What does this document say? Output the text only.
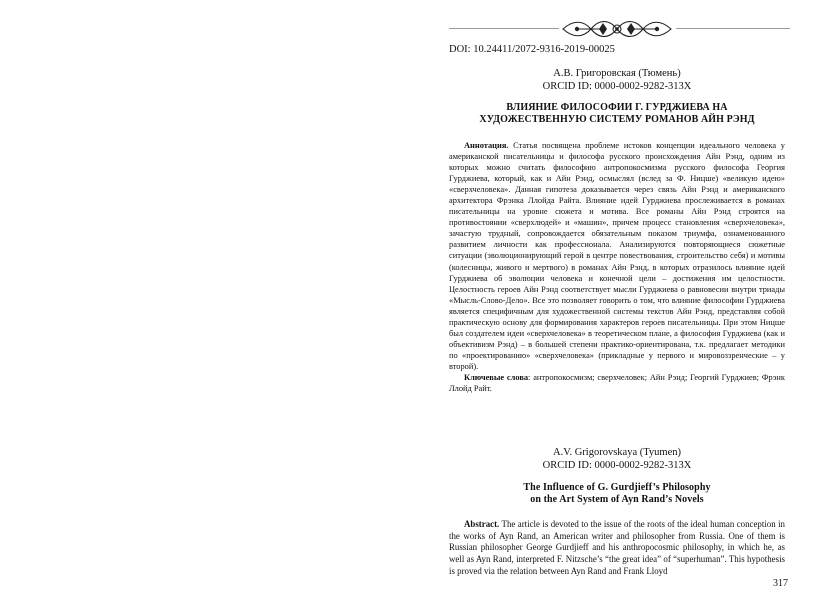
DOI: 10.24411/2072-9316-2019-00025
А.В. Григоровская (Тюмень)
ORCID ID: 0000-0002-9282-313X
ВЛИЯНИЕ ФИЛОСОФИИ Г. ГУРДЖИЕВА НА
ХУДОЖЕСТВЕННУЮ СИСТЕМУ РОМАНОВ АЙН РЭНД

Аннотация. Статья посвящена проблеме истоков концепции идеального человека у американской писательницы и философа русского происхождения Айн Рэнд, одним из которых можно считать философию антропокосмизма русского философа Георгия Гурджиева, который, как и Айн Рэнд, осмыслял (вслед за Ф. Ницше) «великую идею» «сверхчеловека». Данная гипотеза доказывается через связь Айн Рэнд и американского архитектора Фрэнка Ллойда Райта. Влияние идей Гурджиева прослеживается в романах писательницы на уровне сюжета и мотива. Все романы Айн Рэнд строятся на противостоянии «сверхлюдей» и «машин», причем процесс становления «сверхчеловека», зачастую трудный, сопровождается обязательным показом триумфа, ознаменованного развитием личности как профессионала. Анализируются повторяющиеся сюжетные ситуации (эволюционирующий герой в центре повествования, строительство себя) и мотивы (колесницы, живого и мертвого) в романах Айн Рэнд, в которых отразилось влияние идей Гурджиева об эволюции человека и конечной цели – достижения им целостности. Целостность героев Айн Рэнд соответствует мысли Гурджиева о равновесии внутри триады «Мысль-Слово-Дело». Все это позволяет говорить о том, что влияние философии Гурджиева является специфичным для художественной системы текстов Айн Рэнд, представляя собой практическую основу для формирования характеров героев писательницы. При этом Ницше был создателем идеи «сверхчеловека» в теоретическом плане, а философия Гурджиева (как и объективизм Рэнд) – в большей степени практико-ориентирована, т.к. предлагает методики по «проектированию» «сверхчеловека» (прикладные у первого и мировоззренческие – у второй).

Ключевые слова: антропокосмизм; сверхчеловек; Айн Рэнд; Георгий Гурджиев; Фрэнк Ллойд Райт.

A.V. Grigorovskaya (Tyumen)
ORCID ID: 0000-0002-9282-313X
The Influence of G. Gurdjieff’s Philosophy
on the Art System of Ayn Rand’s Novels

Abstract. The article is devoted to the issue of the roots of the ideal human conception in the works of Ayn Rand, an American writer and philosopher from Russia. One of them is Russian philosopher George Gurdjieff and his anthropocosmic philosophy, in which he, as well as Ayn Rand, interpreted F. Nitzsche’s “the great idea” of “superhuman”. This hypothesis is proved via the relation between Ayn Rand and Frank Lloyd

317
